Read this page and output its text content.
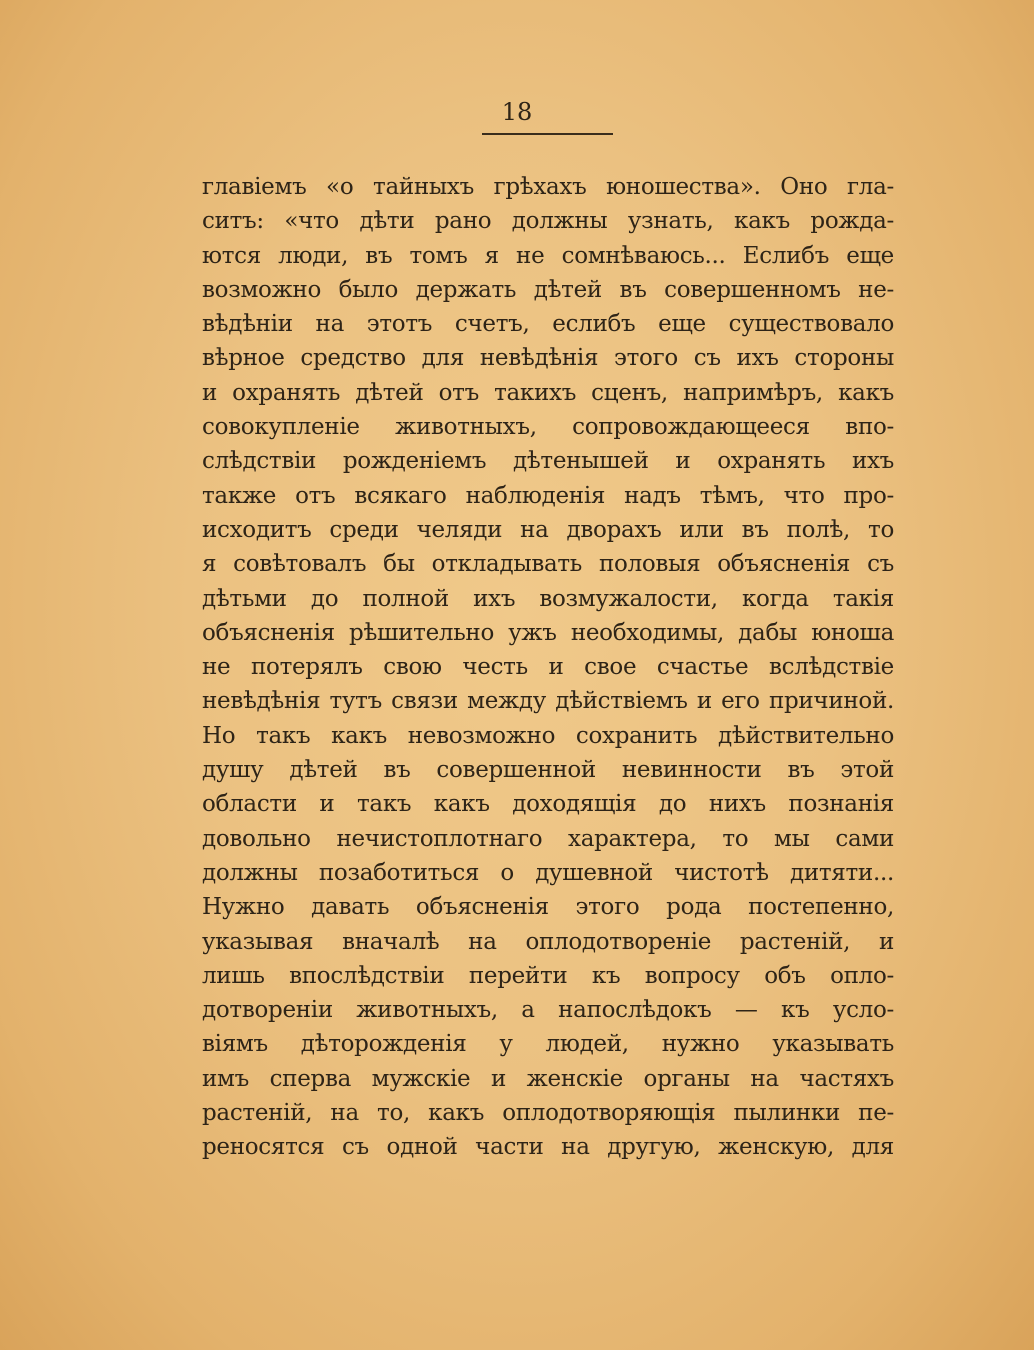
18

главіемъ «о тайныхъ грѣхахъ юношества». Оно гла-
ситъ: «что дѣти рано должны узнать, какъ рожда-
ются люди, въ томъ я не сомнѣваюсь... Еслибъ еще
возможно было держать дѣтей въ совершенномъ не-
вѣдѣніи на этотъ счетъ, еслибъ еще существовало
вѣрное средство для невѣдѣнія этого съ ихъ стороны
и охранять дѣтей отъ такихъ сценъ, напримѣръ, какъ
совокупленіе животныхъ, сопровождающееся впо-
слѣдствіи рожденіемъ дѣтенышей и охранять ихъ
также отъ всякаго наблюденія надъ тѣмъ, что про-
исходитъ среди челяди на дворахъ или въ полѣ, то
я совѣтовалъ бы откладывать половыя объясненія съ
дѣтьми до полной ихъ возмужалости, когда такія
объясненія рѣшительно ужъ необходимы, дабы юноша
не потерялъ свою честь и свое счастье вслѣдствіе
невѣдѣнія тутъ связи между дѣйствіемъ и его причиной.
Но такъ какъ невозможно сохранить дѣйствительно
душу дѣтей въ совершенной невинности въ этой
области и такъ какъ доходящія до нихъ познанія
довольно нечистоплотнаго характера, то мы сами
должны позаботиться о душевной чистотѣ дитяти...
Нужно давать объясненія этого рода постепенно,
указывая вначалѣ на оплодотвореніе растеній, и
лишь впослѣдствіи перейти къ вопросу объ опло-
дотвореніи животныхъ, а напослѣдокъ — къ усло-
віямъ дѣторожденія у людей, нужно указывать
имъ сперва мужскіе и женскіе органы на частяхъ
растеній, на то, какъ оплодотворяющія пылинки пе-
реносятся съ одной части на другую, женскую, для
